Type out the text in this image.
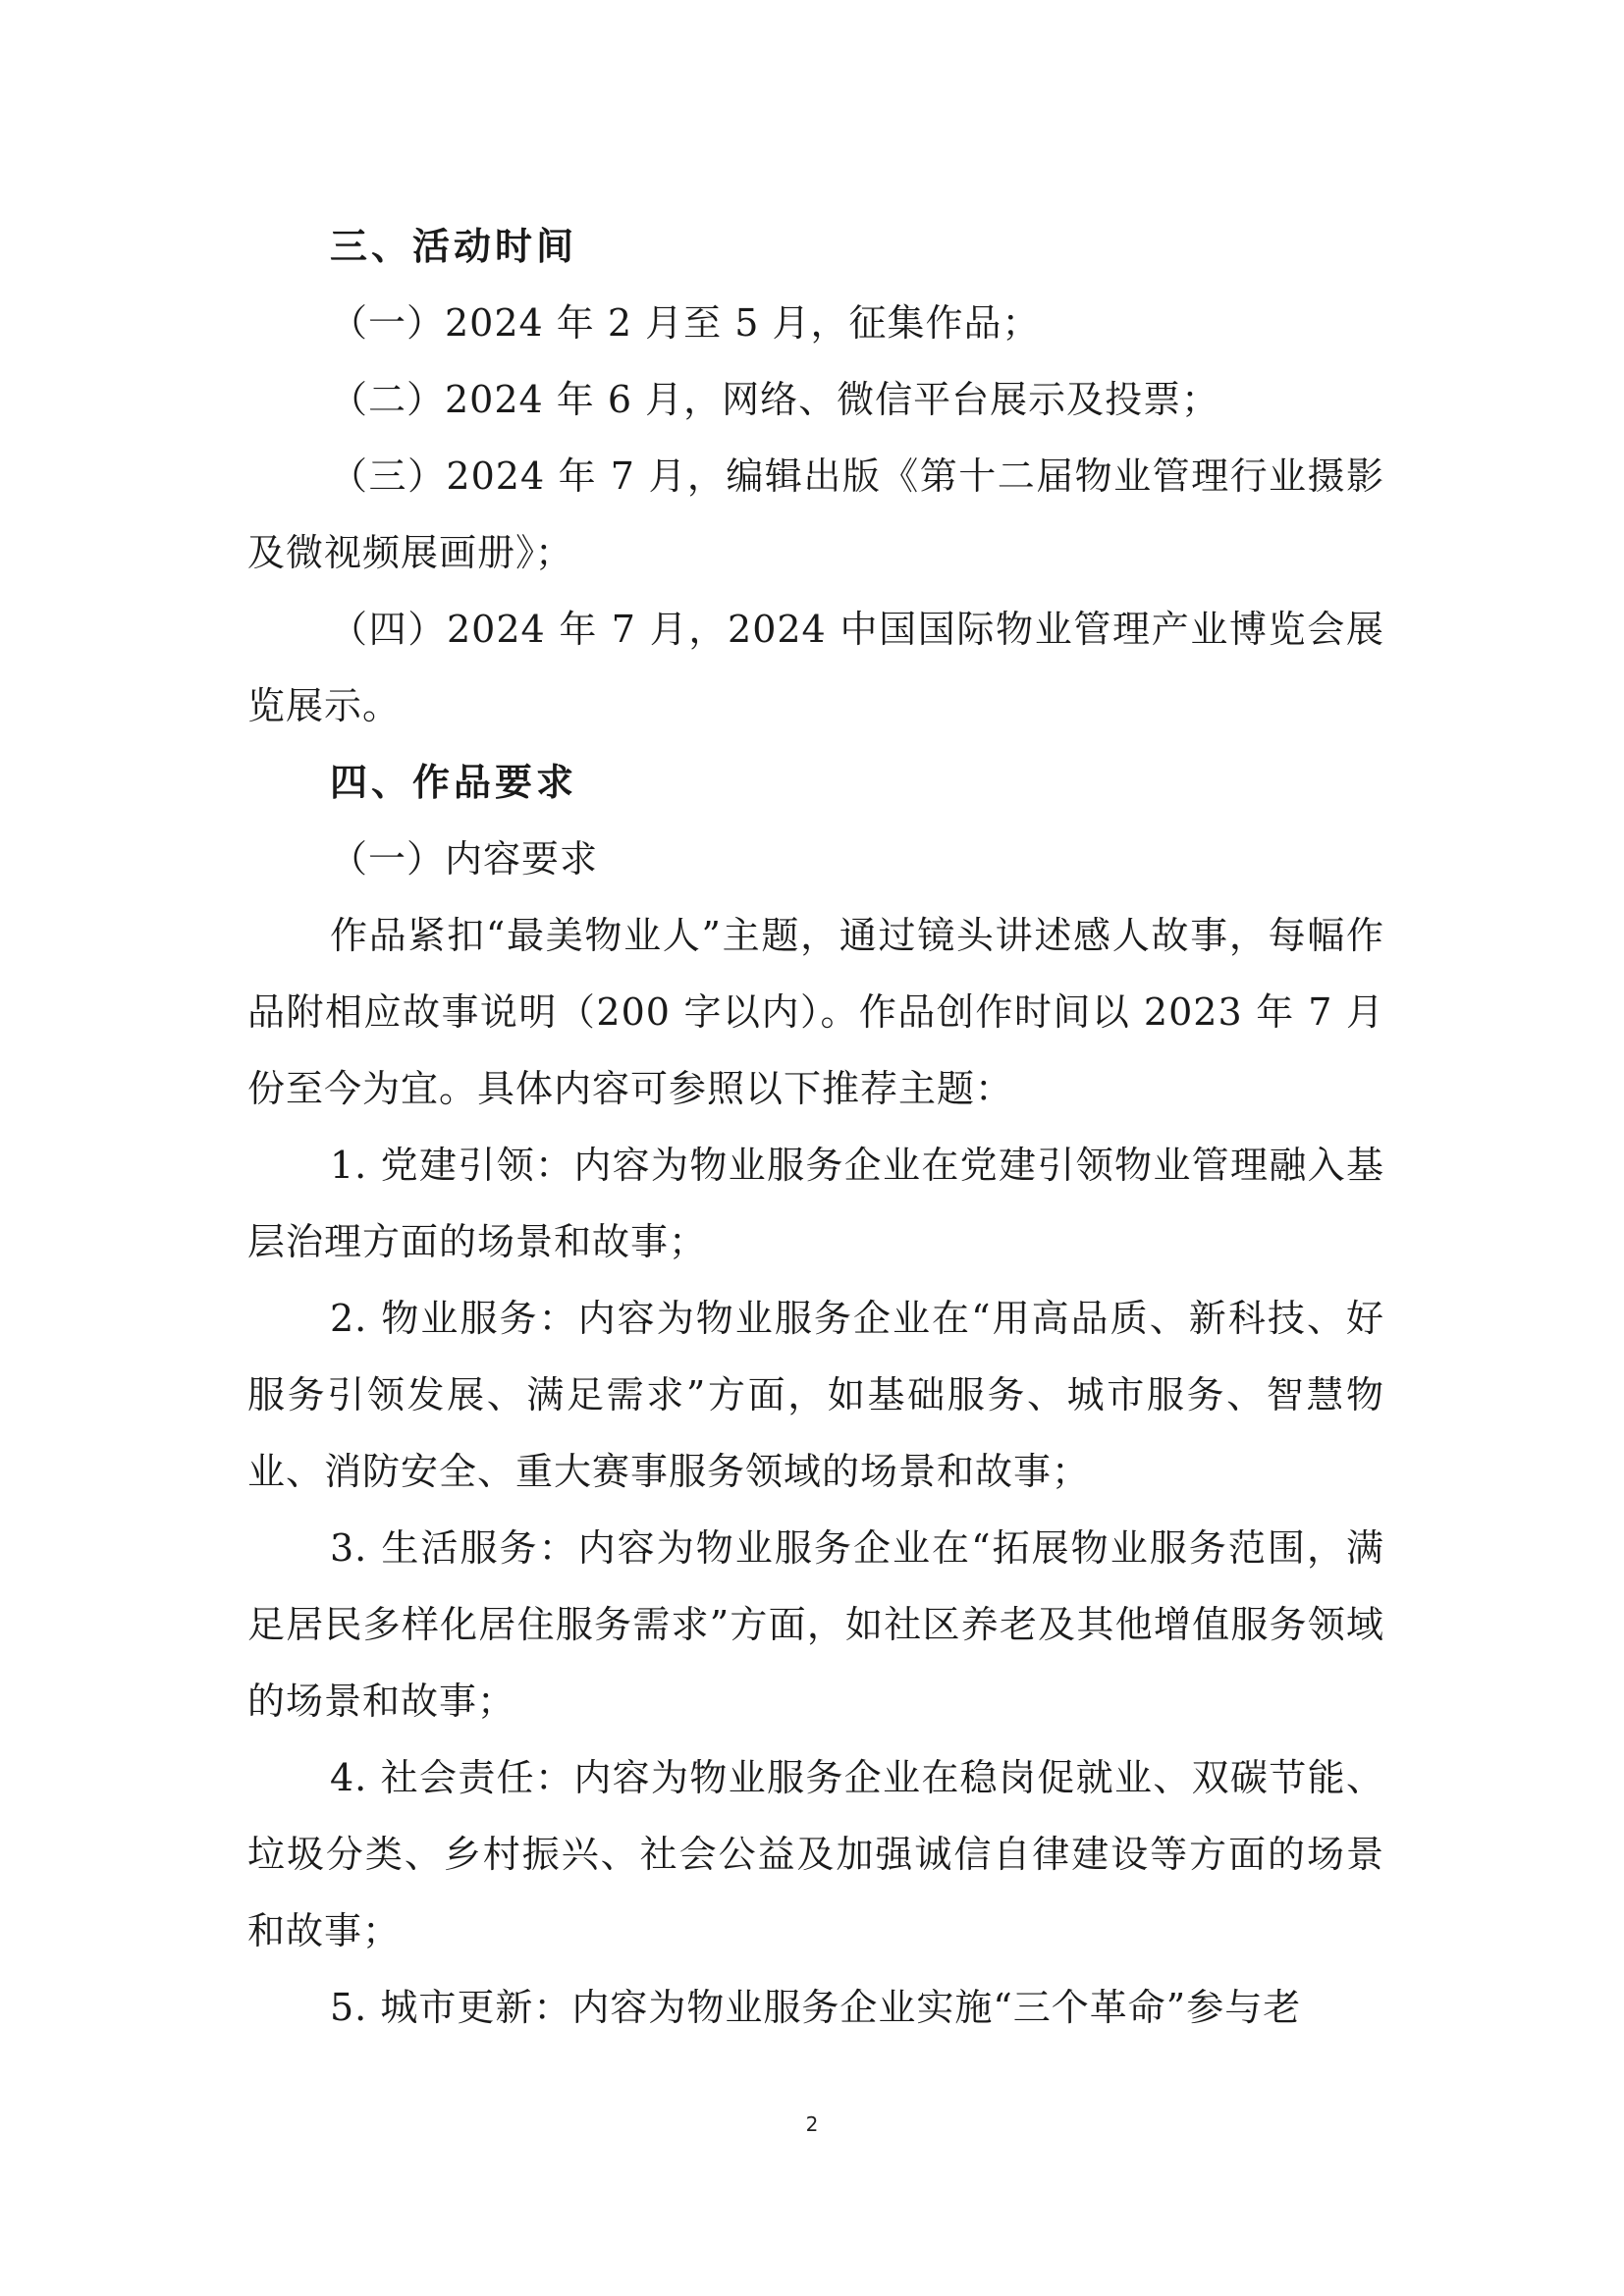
三、活动时间

（一）2024 年 2 月至 5 月，征集作品；

（二）2024 年 6 月，网络、微信平台展示及投票；

（三）2024 年 7 月，编辑出版《第十二届物业管理行业摄影及微视频展画册》；

（四）2024 年 7 月，2024 中国国际物业管理产业博览会展览展示。

四、作品要求

（一）内容要求

作品紧扣“最美物业人”主题，通过镜头讲述感人故事，每幅作品附相应故事说明（200 字以内）。作品创作时间以 2023 年 7 月份至今为宜。具体内容可参照以下推荐主题：

1. 党建引领：内容为物业服务企业在党建引领物业管理融入基层治理方面的场景和故事；

2. 物业服务：内容为物业服务企业在“用高品质、新科技、好服务引领发展、满足需求”方面，如基础服务、城市服务、智慧物业、消防安全、重大赛事服务领域的场景和故事；

3. 生活服务：内容为物业服务企业在“拓展物业服务范围，满足居民多样化居住服务需求”方面，如社区养老及其他增值服务领域的场景和故事；

4. 社会责任：内容为物业服务企业在稳岗促就业、双碳节能、垃圾分类、乡村振兴、社会公益及加强诚信自律建设等方面的场景和故事；

5. 城市更新：内容为物业服务企业实施“三个革命”参与老

2
